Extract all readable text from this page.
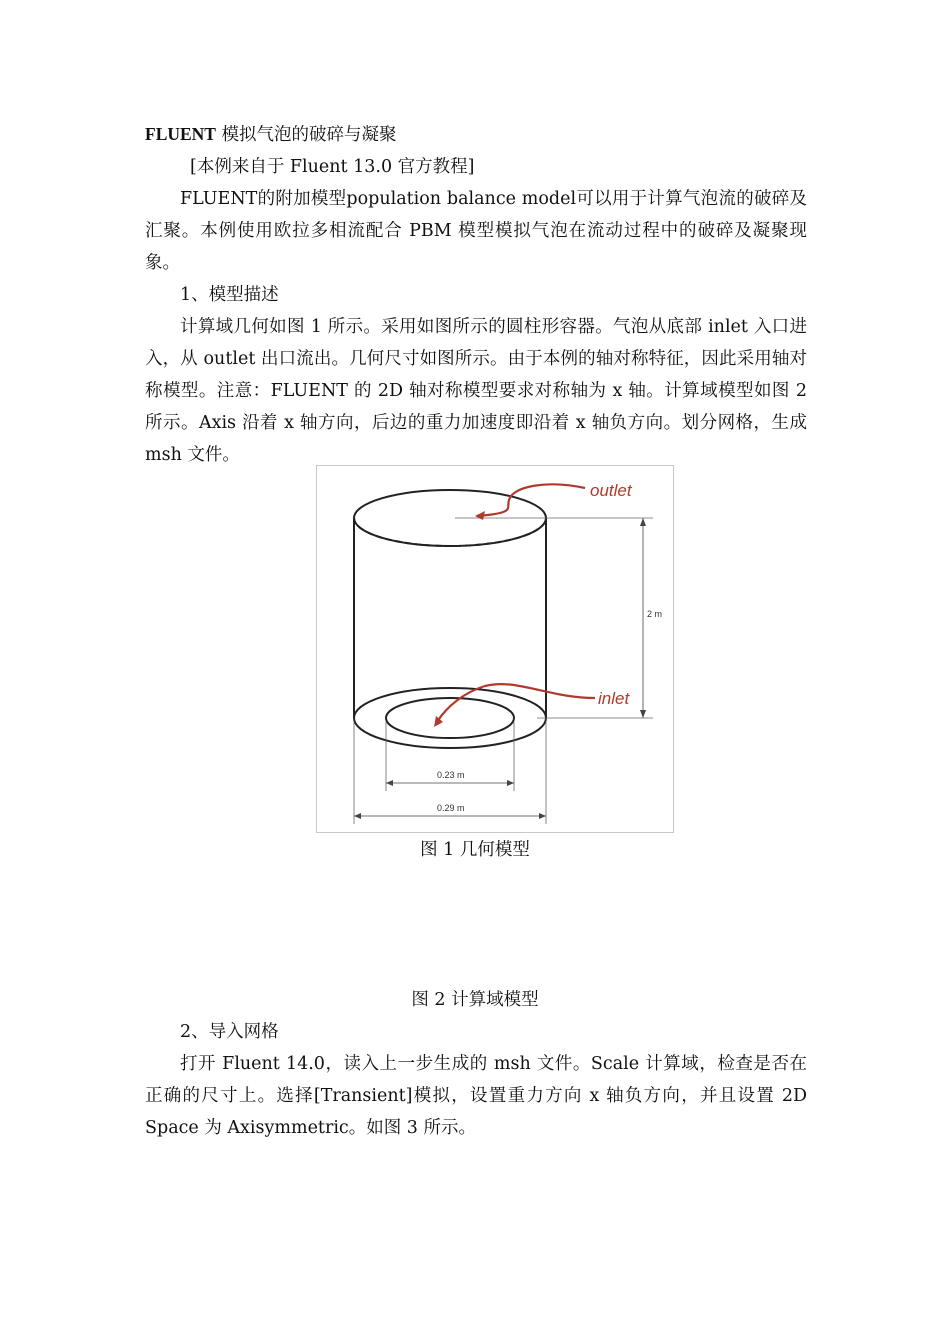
FLUENT 模拟气泡的破碎与凝聚
[本例来自于 Fluent 13.0 官方教程]
FLUENT的附加模型population balance model可以用于计算气泡流的破碎及汇聚。本例使用欧拉多相流配合 PBM 模型模拟气泡在流动过程中的破碎及凝聚现象。
1、模型描述
计算域几何如图 1 所示。采用如图所示的圆柱形容器。气泡从底部 inlet 入口进入，从 outlet 出口流出。几何尺寸如图所示。由于本例的轴对称特征，因此采用轴对称模型。注意：FLUENT 的 2D 轴对称模型要求对称轴为 x 轴。计算域模型如图 2 所示。Axis 沿着 x 轴方向，后边的重力加速度即沿着 x 轴负方向。划分网格，生成 msh 文件。
2 m
0.23 m
0.29 m
outlet
inlet
图 1 几何模型
图 2 计算域模型
2、导入网格
打开 Fluent 14.0，读入上一步生成的 msh 文件。Scale 计算域，检查是否在正确的尺寸上。选择[Transient]模拟，设置重力方向 x 轴负方向，并且设置 2D Space 为 Axisymmetric。如图 3 所示。
